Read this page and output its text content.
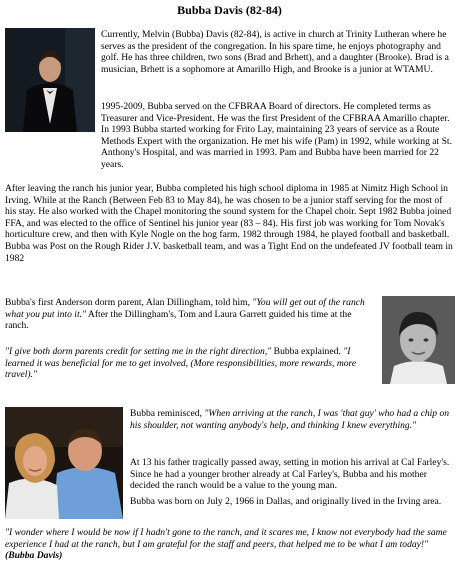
Bubba Davis (82-84)

Currently, Melvin (Bubba) Davis (82-84), is active in church at Trinity Lutheran where he serves as the president of the congregation. In his spare time, he enjoys photography and golf. He has three children, two sons (Brad and Brhett), and a daughter (Brooke). Brad is a musician, Brhett is a sophomore at Amarillo High, and Brooke is a junior at WTAMU.

1995-2009, Bubba served on the CFBRAA Board of directors. He completed terms as Treasurer and Vice-President. He was the first President of the CFBRAA Amarillo chapter. In 1993 Bubba started working for Frito Lay, maintaining 23 years of service as a Route Methods Expert with the organization. He met his wife (Pam) in 1992, while working at St. Anthony's Hospital, and was married in 1993. Pam and Bubba have been married for 22 years.

After leaving the ranch his junior year, Bubba completed his high school diploma in 1985 at Nimitz High School in Irving. While at the Ranch (Between Feb 83 to May 84), he was chosen to be a junior staff serving for the most of his stay. He also worked with the Chapel monitoring the sound system for the Chapel choir. Sept 1982 Bubba joined FFA, and was elected to the office of Sentinel his junior year (83 – 84). His first job was working for Tom Novak's horticulture crew, and then with Kyle Nogle on the hog farm. 1982 through 1984, he played football and basketball. Bubba was Post on the Rough Rider J.V. basketball team, and was a Tight End on the undefeated JV football team in 1982

Bubba's first Anderson dorm parent, Alan Dillingham, told him, "You will get out of the ranch what you put into it." After the Dillingham's, Tom and Laura Garrett guided his time at the ranch.

"I give both dorm parents credit for setting me in the right direction," Bubba explained. "I learned it was beneficial for me to get involved, (More responsibilities, more rewards, more travel)."

Bubba reminisced, "When arriving at the ranch, I was 'that guy' who had a chip on his shoulder, not wanting anybody's help, and thinking I knew everything."

At 13 his father tragically passed away, setting in motion his arrival at Cal Farley's. Since he had a younger brother already at Cal Farley's, Bubba and his mother decided the ranch would be a value to the young man.

Bubba was born on July 2, 1966 in Dallas, and originally lived in the Irving area.

"I wonder where I would be now if I hadn't gone to the ranch, and it scares me, I know not everybody had the same experience I had at the ranch, but I am grateful for the staff and peers, that helped me to be what I am today!" (Bubba Davis)
